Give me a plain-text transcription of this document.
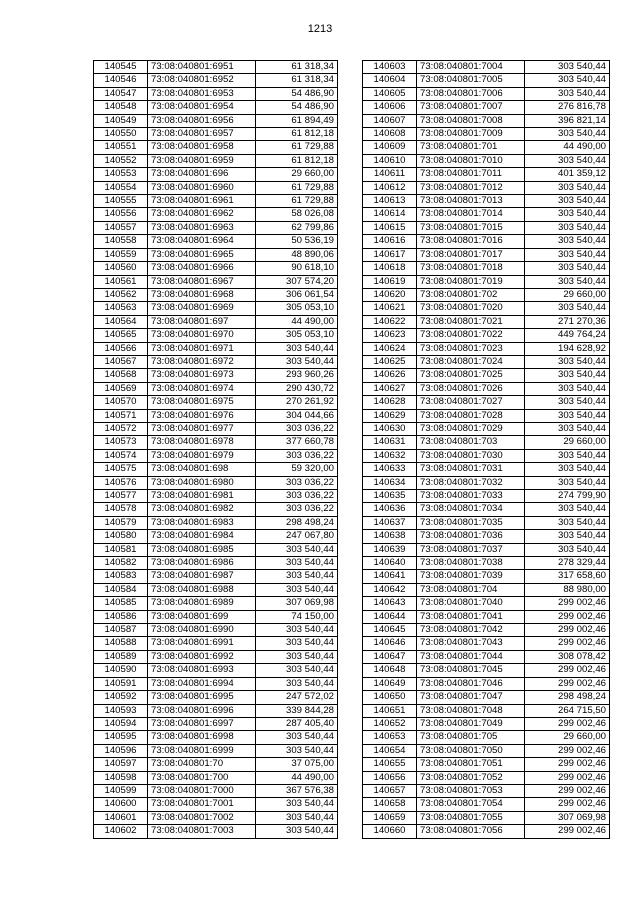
1213
140545	73:08:040801:6951	61 318,34
140546	73:08:040801:6952	61 318,34
140547	73:08:040801:6953	54 486,90
140548	73:08:040801:6954	54 486,90
140549	73:08:040801:6956	61 894,49
140550	73:08:040801:6957	61 812,18
140551	73:08:040801:6958	61 729,88
140552	73:08:040801:6959	61 812,18
140553	73:08:040801:696	29 660,00
140554	73:08:040801:6960	61 729,88
140555	73:08:040801:6961	61 729,88
140556	73:08:040801:6962	58 026,08
140557	73:08:040801:6963	62 799,86
140558	73:08:040801:6964	50 536,19
140559	73:08:040801:6965	48 890,06
140560	73:08:040801:6966	90 618,10
140561	73:08:040801:6967	307 574,20
140562	73:08:040801:6968	306 061,54
140563	73:08:040801:6969	305 053,10
140564	73:08:040801:697	44 490,00
140565	73:08:040801:6970	305 053,10
140566	73:08:040801:6971	303 540,44
140567	73:08:040801:6972	303 540,44
140568	73:08:040801:6973	293 960,26
140569	73:08:040801:6974	290 430,72
140570	73:08:040801:6975	270 261,92
140571	73:08:040801:6976	304 044,66
140572	73:08:040801:6977	303 036,22
140573	73:08:040801:6978	377 660,78
140574	73:08:040801:6979	303 036,22
140575	73:08:040801:698	59 320,00
140576	73:08:040801:6980	303 036,22
140577	73:08:040801:6981	303 036,22
140578	73:08:040801:6982	303 036,22
140579	73:08:040801:6983	298 498,24
140580	73:08:040801:6984	247 067,80
140581	73:08:040801:6985	303 540,44
140582	73:08:040801:6986	303 540,44
140583	73:08:040801:6987	303 540,44
140584	73:08:040801:6988	303 540,44
140585	73:08:040801:6989	307 069,98
140586	73:08:040801:699	74 150,00
140587	73:08:040801:6990	303 540,44
140588	73:08:040801:6991	303 540,44
140589	73:08:040801:6992	303 540,44
140590	73:08:040801:6993	303 540,44
140591	73:08:040801:6994	303 540,44
140592	73:08:040801:6995	247 572,02
140593	73:08:040801:6996	339 844,28
140594	73:08:040801:6997	287 405,40
140595	73:08:040801:6998	303 540,44
140596	73:08:040801:6999	303 540,44
140597	73:08:040801:70	37 075,00
140598	73:08:040801:700	44 490,00
140599	73:08:040801:7000	367 576,38
140600	73:08:040801:7001	303 540,44
140601	73:08:040801:7002	303 540,44
140602	73:08:040801:7003	303 540,44
140603	73:08:040801:7004	303 540,44
140604	73:08:040801:7005	303 540,44
140605	73:08:040801:7006	303 540,44
140606	73:08:040801:7007	276 816,78
140607	73:08:040801:7008	396 821,14
140608	73:08:040801:7009	303 540,44
140609	73:08:040801:701	44 490,00
140610	73:08:040801:7010	303 540,44
140611	73:08:040801:7011	401 359,12
140612	73:08:040801:7012	303 540,44
140613	73:08:040801:7013	303 540,44
140614	73:08:040801:7014	303 540,44
140615	73:08:040801:7015	303 540,44
140616	73:08:040801:7016	303 540,44
140617	73:08:040801:7017	303 540,44
140618	73:08:040801:7018	303 540,44
140619	73:08:040801:7019	303 540,44
140620	73:08:040801:702	29 660,00
140621	73:08:040801:7020	303 540,44
140622	73:08:040801:7021	271 270,36
140623	73:08:040801:7022	449 764,24
140624	73:08:040801:7023	194 628,92
140625	73:08:040801:7024	303 540,44
140626	73:08:040801:7025	303 540,44
140627	73:08:040801:7026	303 540,44
140628	73:08:040801:7027	303 540,44
140629	73:08:040801:7028	303 540,44
140630	73:08:040801:7029	303 540,44
140631	73:08:040801:703	29 660,00
140632	73:08:040801:7030	303 540,44
140633	73:08:040801:7031	303 540,44
140634	73:08:040801:7032	303 540,44
140635	73:08:040801:7033	274 799,90
140636	73:08:040801:7034	303 540,44
140637	73:08:040801:7035	303 540,44
140638	73:08:040801:7036	303 540,44
140639	73:08:040801:7037	303 540,44
140640	73:08:040801:7038	278 329,44
140641	73:08:040801:7039	317 658,60
140642	73:08:040801:704	88 980,00
140643	73:08:040801:7040	299 002,46
140644	73:08:040801:7041	299 002,46
140645	73:08:040801:7042	299 002,46
140646	73:08:040801:7043	299 002,46
140647	73:08:040801:7044	308 078,42
140648	73:08:040801:7045	299 002,46
140649	73:08:040801:7046	299 002,46
140650	73:08:040801:7047	298 498,24
140651	73:08:040801:7048	264 715,50
140652	73:08:040801:7049	299 002,46
140653	73:08:040801:705	29 660,00
140654	73:08:040801:7050	299 002,46
140655	73:08:040801:7051	299 002,46
140656	73:08:040801:7052	299 002,46
140657	73:08:040801:7053	299 002,46
140658	73:08:040801:7054	299 002,46
140659	73:08:040801:7055	307 069,98
140660	73:08:040801:7056	299 002,46
